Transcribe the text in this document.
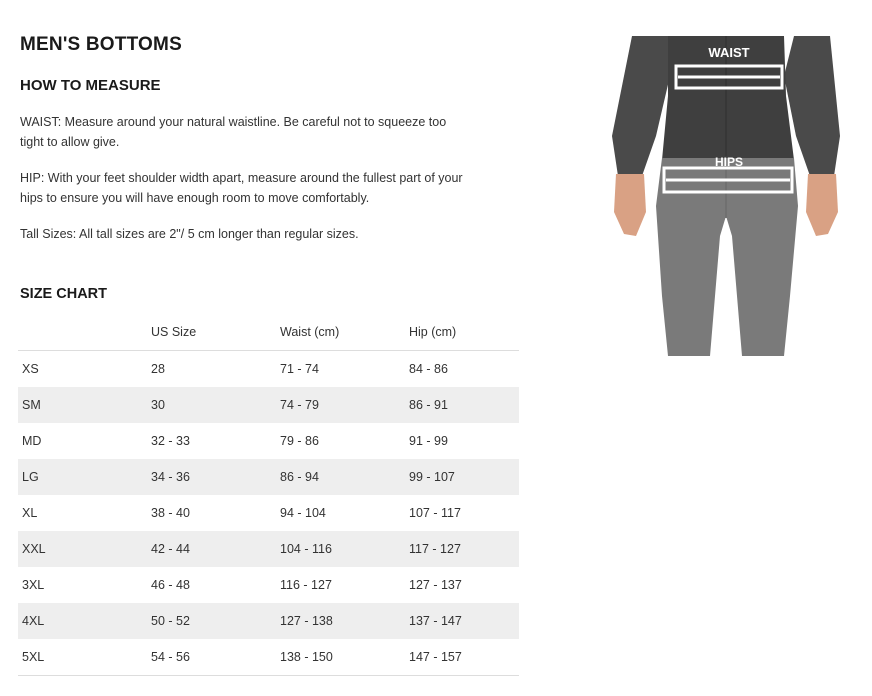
MEN'S BOTTOMS
HOW TO MEASURE
WAIST: Measure around your natural waistline. Be careful not to squeeze too tight to allow give.
HIP: With your feet shoulder width apart, measure around the fullest part of your hips to ensure you will have enough room to move comfortably.
Tall Sizes: All tall sizes are 2"/ 5 cm longer than regular sizes.
SIZE CHART
	US Size	Waist (cm)	Hip (cm)
XS	28	71 - 74	84 - 86
SM	30	74 - 79	86 - 91
MD	32 - 33	79 - 86	91 - 99
LG	34 - 36	86 - 94	99 - 107
XL	38 - 40	94 - 104	107 - 117
XXL	42 - 44	104 - 116	117 - 127
3XL	46 - 48	116 - 127	127 - 137
4XL	50 - 52	127 - 138	137 - 147
5XL	54 - 56	138 - 150	147 - 157
WAIST
HIPS
